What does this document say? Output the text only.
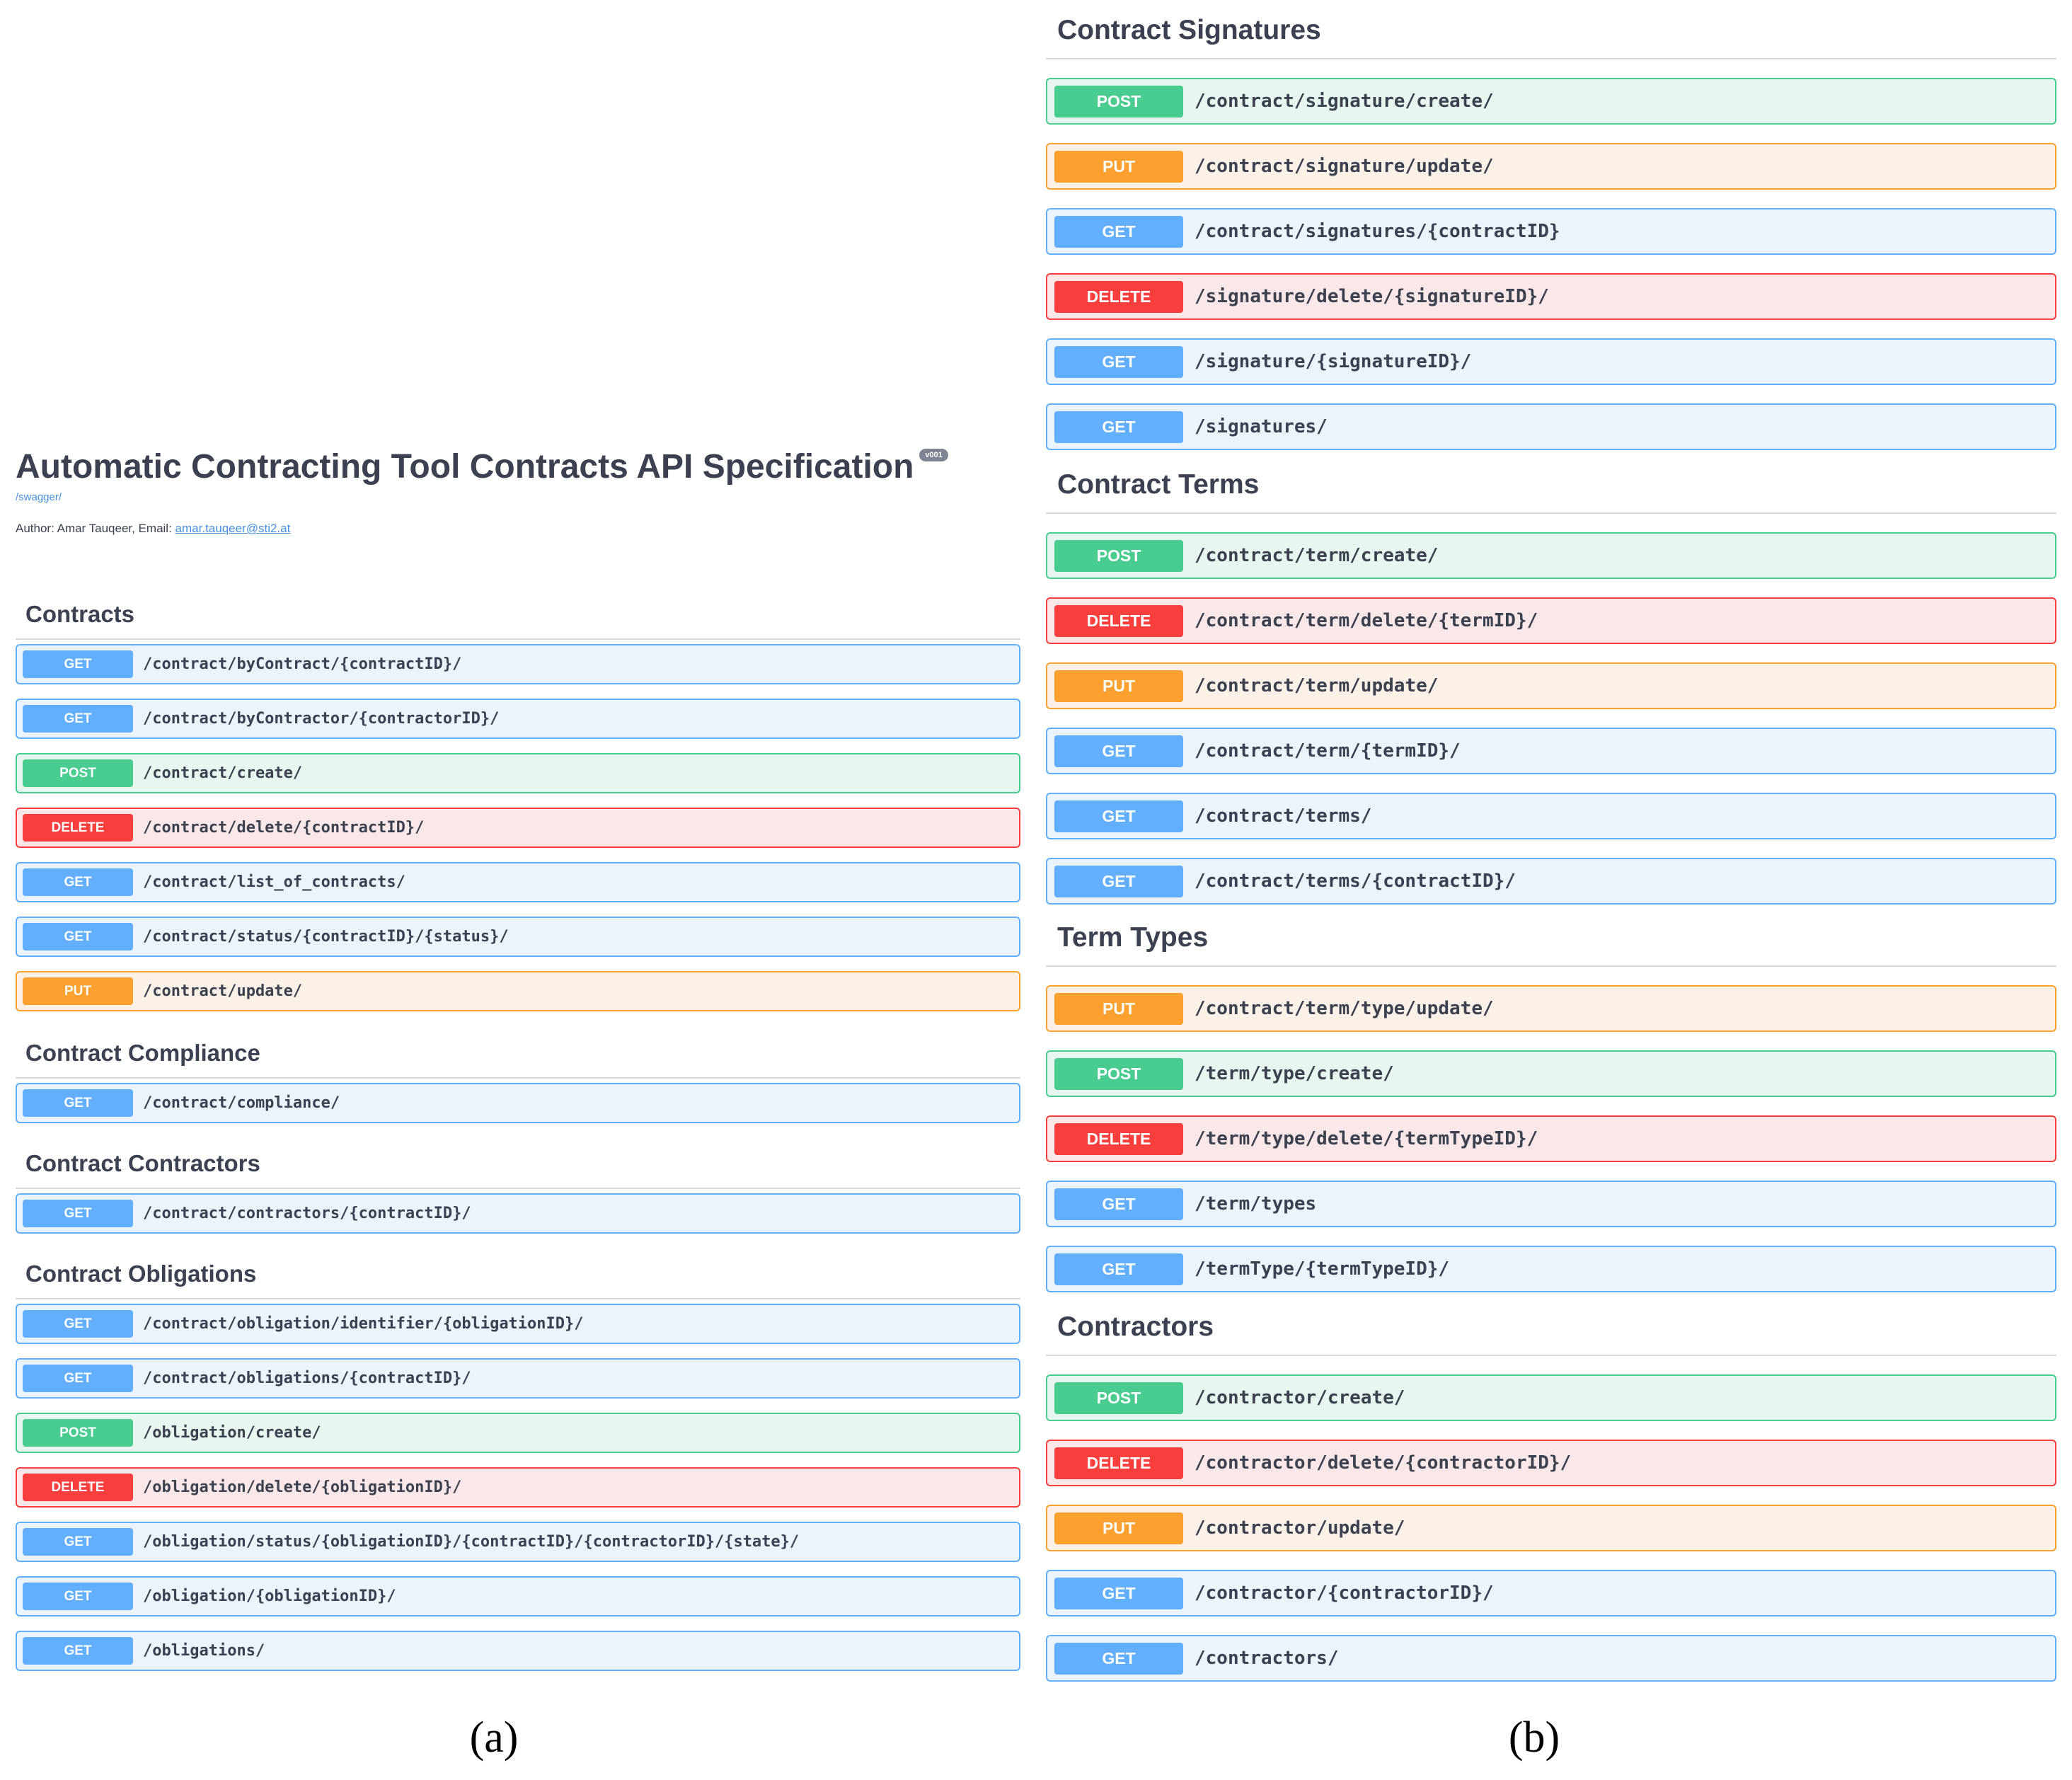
Automatic Contracting Tool Contracts API Specification	v001
/swagger/
Author: Amar Tauqeer, Email: amar.tauqeer@sti2.at
Contracts
GET	/contract/byContract/{contractID}/
GET	/contract/byContractor/{contractorID}/
POST	/contract/create/
DELETE	/contract/delete/{contractID}/
GET	/contract/list_of_contracts/
GET	/contract/status/{contractID}/{status}/
PUT	/contract/update/
Contract Compliance
GET	/contract/compliance/
Contract Contractors
GET	/contract/contractors/{contractID}/
Contract Obligations
GET	/contract/obligation/identifier/{obligationID}/
GET	/contract/obligations/{contractID}/
POST	/obligation/create/
DELETE	/obligation/delete/{obligationID}/
GET	/obligation/status/{obligationID}/{contractID}/{contractorID}/{state}/
GET	/obligation/{obligationID}/
GET	/obligations/
Contract Signatures
POST	/contract/signature/create/
PUT	/contract/signature/update/
GET	/contract/signatures/{contractID}
DELETE	/signature/delete/{signatureID}/
GET	/signature/{signatureID}/
GET	/signatures/
Contract Terms
POST	/contract/term/create/
DELETE	/contract/term/delete/{termID}/
PUT	/contract/term/update/
GET	/contract/term/{termID}/
GET	/contract/terms/
GET	/contract/terms/{contractID}/
Term Types
PUT	/contract/term/type/update/
POST	/term/type/create/
DELETE	/term/type/delete/{termTypeID}/
GET	/term/types
GET	/termType/{termTypeID}/
Contractors
POST	/contractor/create/
DELETE	/contractor/delete/{contractorID}/
PUT	/contractor/update/
GET	/contractor/{contractorID}/
GET	/contractors/
(a)	(b)
